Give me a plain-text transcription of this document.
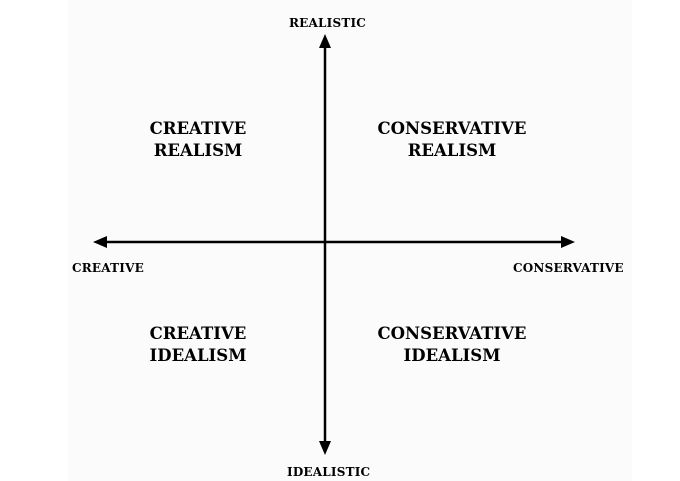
REALISTIC
IDEALISTIC
CREATIVE	CONSERVATIVE
CREATIVE
REALISM
CONSERVATIVE
REALISM
CREATIVE
IDEALISM
CONSERVATIVE
IDEALISM
